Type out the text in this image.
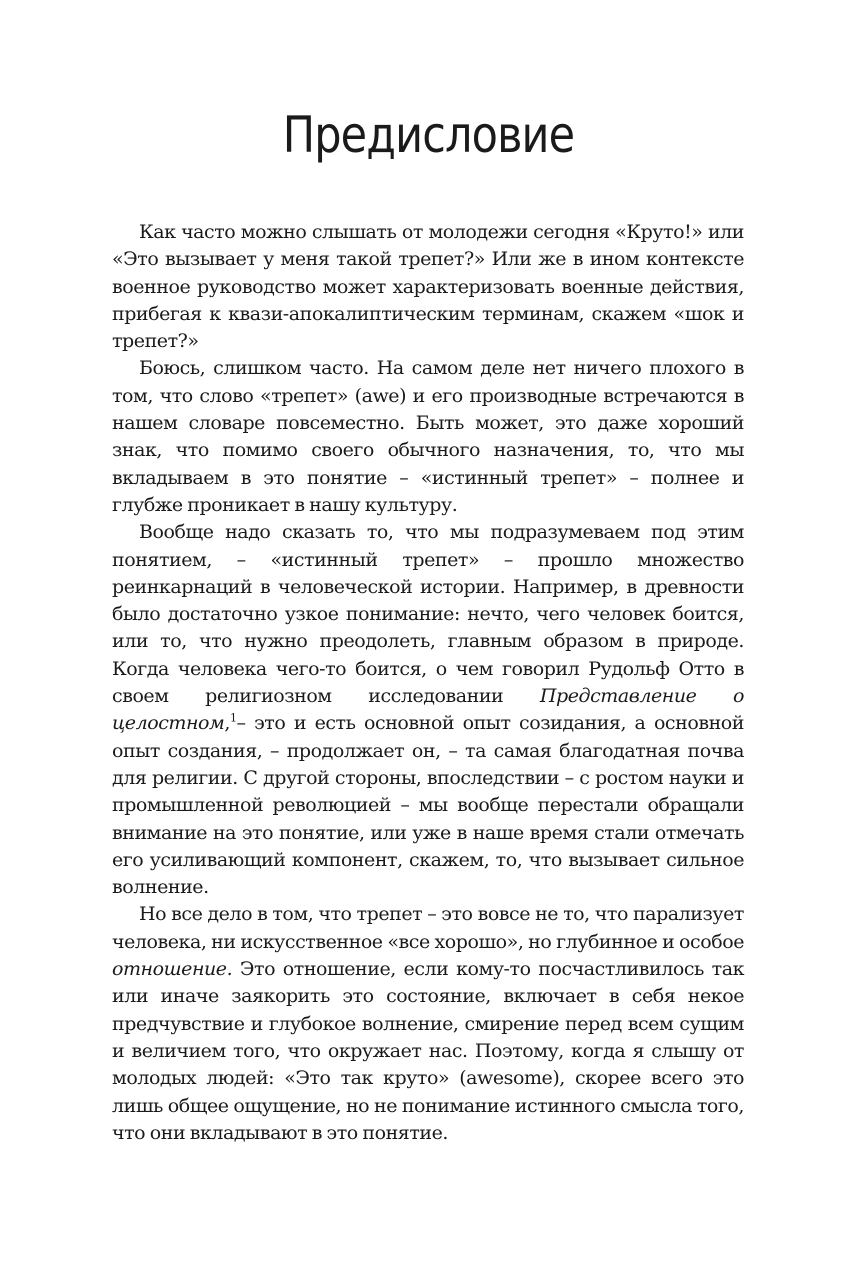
Предисловие

Как часто можно слышать от молодежи сегодня «Круто!» или «Это вызывает у меня такой трепет?» Или же в ином контексте военное руководство может характеризовать военные действия, прибегая к квази-апокалиптическим терминам, скажем «шок и трепет?»

Боюсь, слишком часто. На самом деле нет ничего плохого в том, что слово «трепет» (awe) и его производные встречаются в нашем словаре повсеместно. Быть может, это даже хороший знак, что помимо своего обычного назначения, то, что мы вкладываем в это понятие – «истинный трепет» – полнее и глубже проникает в нашу культуру.

Вообще надо сказать то, что мы подразумеваем под этим понятием, – «истинный трепет» – прошло множество реинкарнаций в человеческой истории. Например, в древности было достаточно узкое понимание: нечто, чего человек боится, или то, что нужно преодолеть, главным образом в природе. Когда человека чего-то боится, о чем говорил Рудольф Отто в своем религиозном исследовании Представление о целостном,$^1$– это и есть основной опыт созидания, а основной опыт создания, – продолжает он, – та самая благодатная почва для религии. С другой стороны, впоследствии – с ростом науки и промышленной революцией – мы вообще перестали обращали внимание на это понятие, или уже в наше время стали отмечать его усиливающий компонент, скажем, то, что вызывает сильное волнение.

Но все дело в том, что трепет – это вовсе не то, что парализует человека, ни искусственное «все хорошо», но глубинное и особое отношение. Это отношение, если кому-то посчастливилось так или иначе заякорить это состояние, включает в себя некое предчувствие и глубокое волнение, смирение перед всем сущим и величием того, что окружает нас. Поэтому, когда я слышу от молодых людей: «Это так круто» (awesome), скорее всего это лишь общее ощущение, но не понимание истинного смысла того, что они вкладывают в это понятие.
